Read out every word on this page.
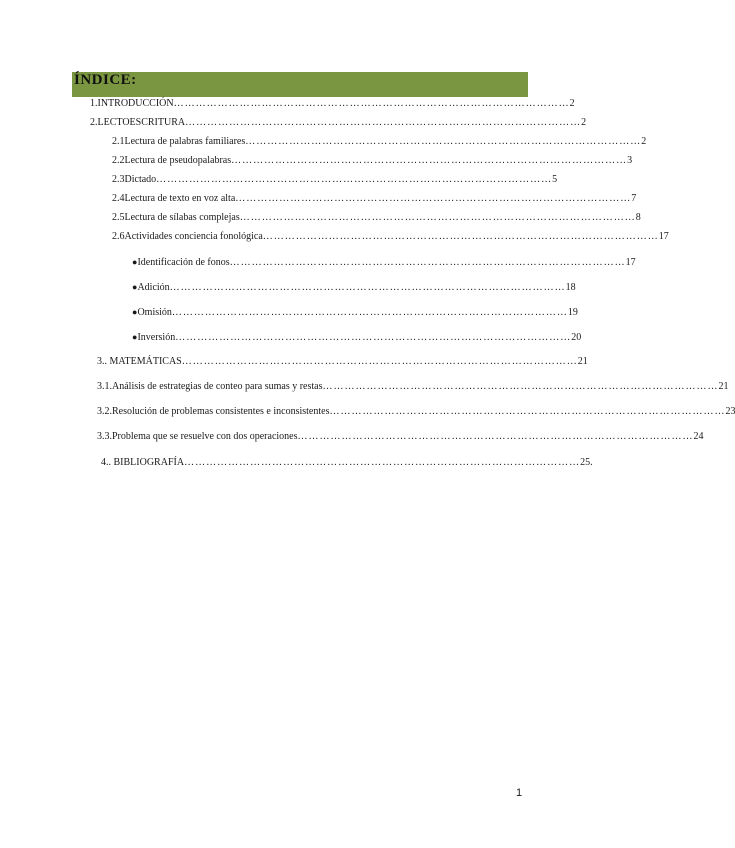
ÍNDICE:
1. INTRODUCCIÓN ……………………………………………………………………………………………… 2
2. LECTOESCRITURA ……………………………………………………………………………………………… 2
2.1 Lectura de palabras familiares ……………………………………………………………………………………………… 2
2.2 Lectura de pseudopalabras ……………………………………………………………………………………………… 3
2.3 Dictado ……………………………………………………………………………………………… 5
2.4 Lectura de texto en voz alta ……………………………………………………………………………………………… 7
2.5 Lectura de sílabas complejas ……………………………………………………………………………………………… 8
2.6 Actividades conciencia fonológica ……………………………………………………………………………………………… 17
● Identificación de fonos ……………………………………………………………………………………………… 17
● Adición ……………………………………………………………………………………………… 18
● Omisión ……………………………………………………………………………………………… 19
● Inversión ……………………………………………………………………………………………… 20
3. . MATEMÁTICAS ……………………………………………………………………………………………… 21
3.1. Análisis de estrategias de conteo para sumas y restas ……………………………………………………………………………………………… 21
3.2. Resolución de problemas consistentes e inconsistentes ……………………………………………………………………………………………… 23
3.3. Problema que se resuelve con dos operaciones ……………………………………………………………………………………………… 24
4. . BIBLIOGRAFÍA ……………………………………………………………………………………………… 25.
1
